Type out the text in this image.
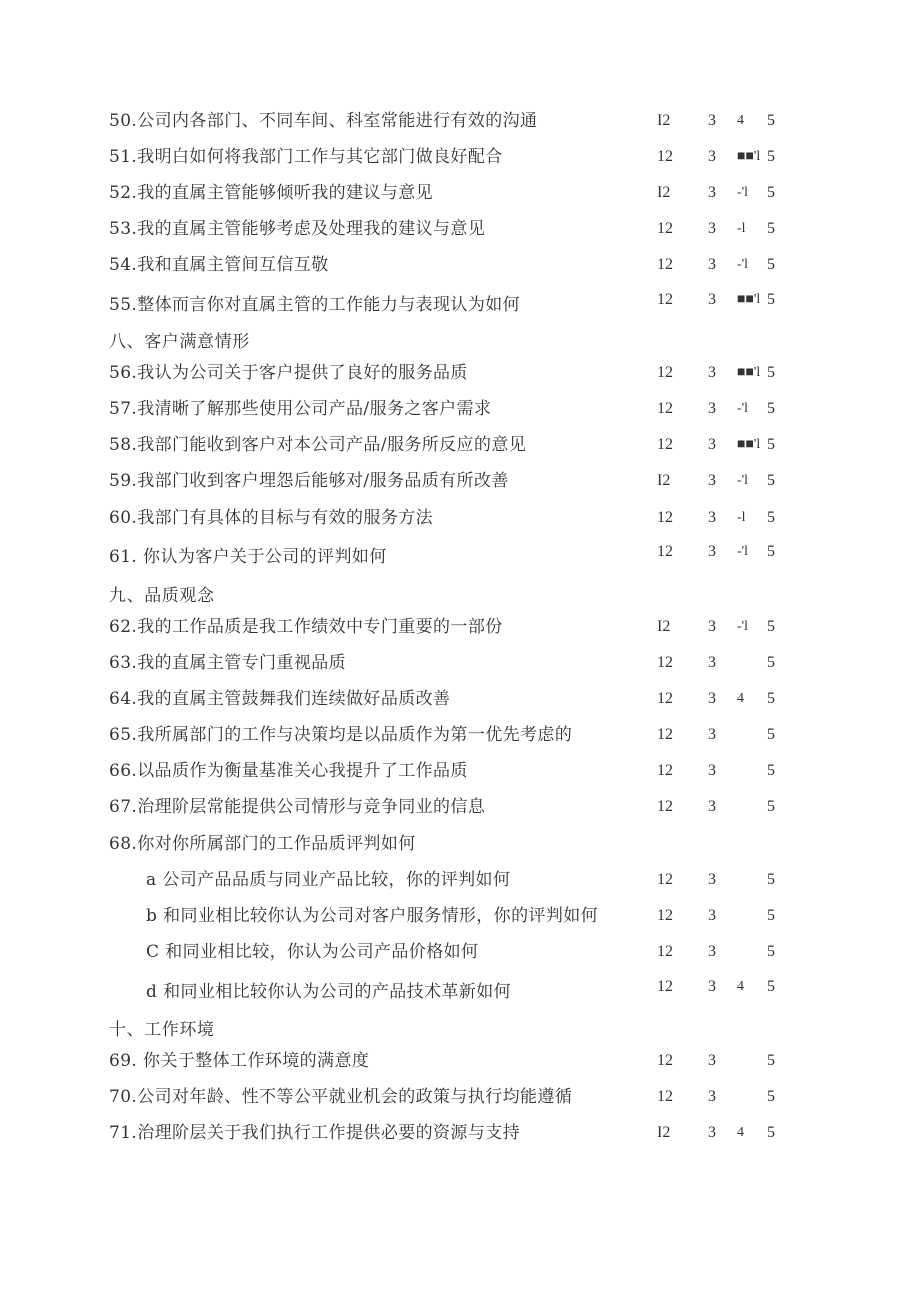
50.公司内各部门、不同车间、科室常能进行有效的沟通	I2 3 4 5
51.我明白如何将我部门工作与其它部门做良好配合	12 3 ■■'l 5
52.我的直属主管能够倾听我的建议与意见	I2 3 -'l 5
53.我的直属主管能够考虑及处理我的建议与意见	12 3 -l 5
54.我和直属主管间互信互敬	12 3 -'l 5
55.整体而言你对直属主管的工作能力与表现认为如何	12 3 ■■'l 5
八、客户满意情形
56.我认为公司关于客户提供了良好的服务品质	12 3 ■■'l 5
57.我清晰了解那些使用公司产品/服务之客户需求	12 3 -'l 5
58.我部门能收到客户对本公司产品/服务所反应的意见	12 3 ■■'l 5
59.我部门收到客户埋怨后能够对/服务品质有所改善	I2 3 -'l 5
60.我部门有具体的目标与有效的服务方法	12 3 -l 5
61. 你认为客户关于公司的评判如何	12 3 -'l 5
九、品质观念
62.我的工作品质是我工作绩效中专门重要的一部份	I2 3 -'l 5
63.我的直属主管专门重视品质	12 3	5
64.我的直属主管鼓舞我们连续做好品质改善	12 3 4 5
65.我所属部门的工作与决策均是以品质作为第一优先考虑的	12 3	5
66.以品质作为衡量基准关心我提升了工作品质	12 3	5
67.治理阶层常能提供公司情形与竞争同业的信息	12 3	5
68.你对你所属部门的工作品质评判如何
a 公司产品品质与同业产品比较，你的评判如何	12 3	5
b 和同业相比较你认为公司对客户服务情形，你的评判如何	12 3	5
C 和同业相比较，你认为公司产品价格如何	12 3	5
d 和同业相比较你认为公司的产品技术革新如何	12 3 4 5
十、工作环境
69. 你关于整体工作环境的满意度	12 3	5
70.公司对年龄、性不等公平就业机会的政策与执行均能遵循	12 3	5
71.治理阶层关于我们执行工作提供必要的资源与支持	I2 3 4 5
